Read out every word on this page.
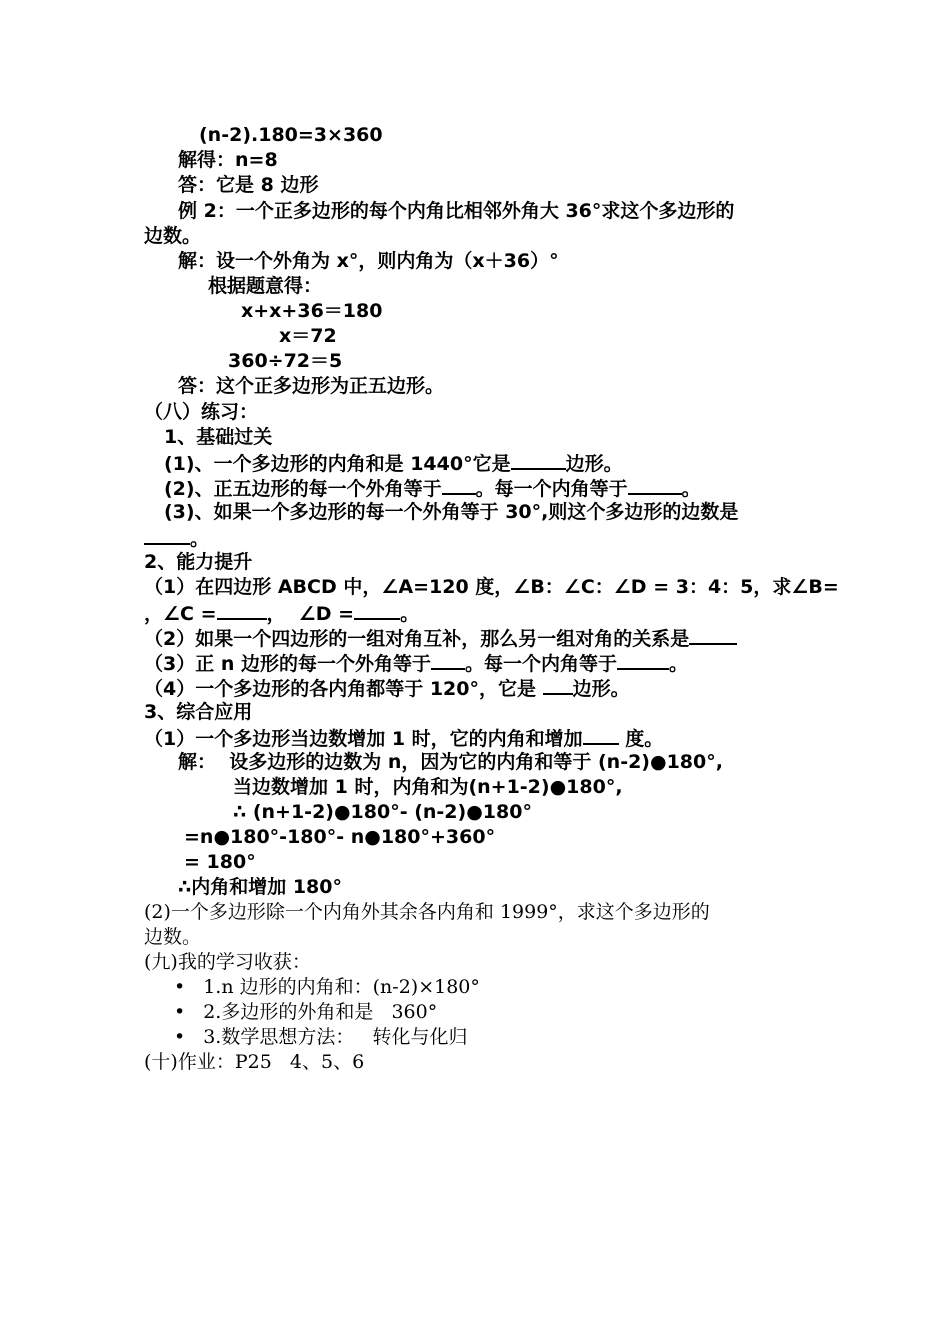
(n-2).180=3×360
解得：n=8
答：它是 8 边形
例 2：一个正多边形的每个内角比相邻外角大 36°求这个多边形的
边数。
解：设一个外角为 x°，则内角为（x＋36）°
根据题意得：
x+x+36＝180
x＝72
360÷72＝5
答：这个正多边形为正五边形。
（八）练习：
1、基础过关
(1)、一个多边形的内角和是 1440°它是	边形。
(2)、正五边形的每一个外角等于 。每一个内角等于	。
(3)、如果一个多边形的每一个外角等于 30°,则这个多边形的边数是
。
2、能力提升
（1）在四边形 ABCD 中，∠A=120 度，∠B：∠C：∠D = 3：4：5，求∠B=
，∠C =	，  ∠D = 。
（2）如果一个四边形的一组对角互补，那么另一组对角的关系是
（3）正 n 边形的每一个外角等于 。每一个内角等于	。
（4）一个多边形的各内角都等于 120°，它是 边形。
3、综合应用
（1）一个多边形当边数增加 1 时，它的内角和增加 度。
解：  设多边形的边数为 n，因为它的内角和等于 (n-2)●180°,
当边数增加 1 时，内角和为(n+1-2)●180°,
∴ (n+1-2)●180°- (n-2)●180°
=n●180°-180°- n●180°+360°
= 180°
∴内角和增加 180°
(2)一个多边形除一个内角外其余各内角和 1999°，求这个多边形的
边数。
(九)我的学习收获：
• 1.n 边形的内角和：(n-2)×180°
• 2.多边形的外角和是   360°
• 3.数学思想方法：   转化与化归
(十)作业：P25   4、5、6
